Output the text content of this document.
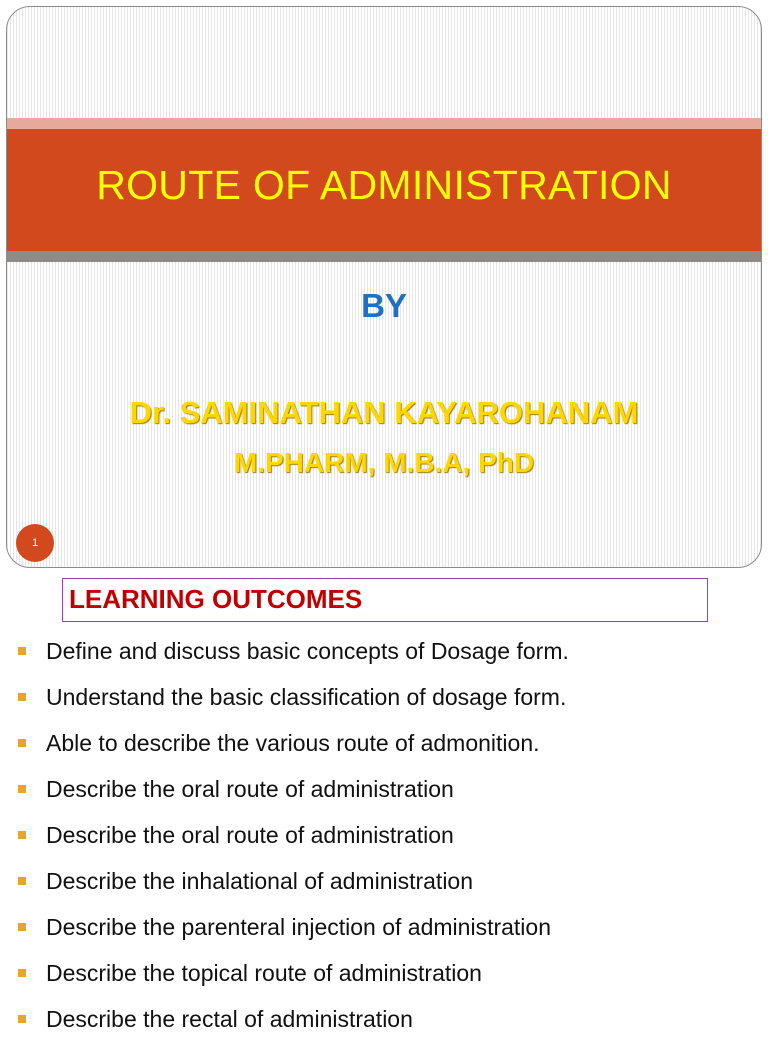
ROUTE OF ADMINISTRATION
BY
Dr. SAMINATHAN KAYAROHANAM
M.PHARM, M.B.A, PhD
1
LEARNING OUTCOMES
Define and discuss basic concepts of Dosage form.
Understand the basic classification of dosage form.
Able to describe the various route of admonition.
Describe the oral route of administration
Describe the oral route of administration
Describe the inhalational of administration
Describe the parenteral injection of administration
Describe the topical route of administration
Describe the rectal of administration
